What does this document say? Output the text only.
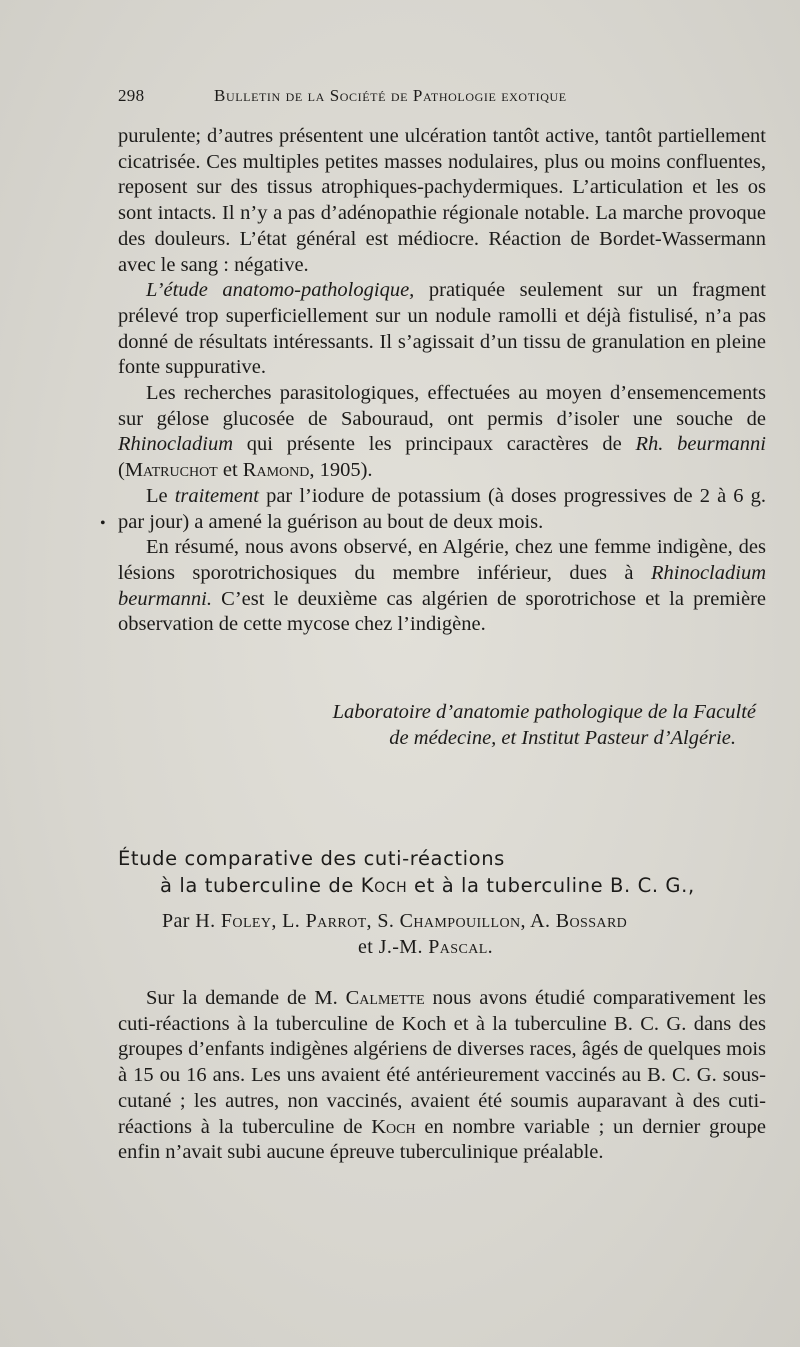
298	Bulletin de la Société de Pathologie exotique

purulente; d’autres présentent une ulcération tantôt active, tantôt partiellement cicatrisée. Ces multiples petites masses nodulaires, plus ou moins confluentes, reposent sur des tissus atrophiques-pachydermiques. L’articulation et les os sont intacts. Il n’y a pas d’adénopathie régionale notable. La marche provoque des douleurs. L’état général est médiocre. Réaction de Bordet-Wassermann avec le sang : négative.

L’étude anatomo-pathologique, pratiquée seulement sur un fragment prélevé trop superficiellement sur un nodule ramolli et déjà fistulisé, n’a pas donné de résultats intéressants. Il s’agissait d’un tissu de granulation en pleine fonte suppurative.

Les recherches parasitologiques, effectuées au moyen d’ensemencements sur gélose glucosée de Sabouraud, ont permis d’isoler une souche de Rhinocladium qui présente les principaux caractères de Rh. beurmanni (Matruchot et Ramond, 1905).

Le traitement par l’iodure de potassium (à doses progressives de 2 à 6 g. par jour) a amené la guérison au bout de deux mois.

En résumé, nous avons observé, en Algérie, chez une femme indigène, des lésions sporotrichosiques du membre inférieur, dues à Rhinocladium beurmanni. C’est le deuxième cas algérien de sporotrichose et la première observation de cette mycose chez l’indigène.

•
Laboratoire d’anatomie pathologique de la Faculté
de médecine, et Institut Pasteur d’Algérie.
Étude comparative des cuti-réactions
à la tuberculine de Koch et à la tuberculine B. C. G.,
Par H. Foley, L. Parrot, S. Champouillon, A. Bossard
et J.-M. Pascal.

Sur la demande de M. Calmette nous avons étudié comparativement les cuti-réactions à la tuberculine de Koch et à la tuberculine B. C. G. dans des groupes d’enfants indigènes algériens de diverses races, âgés de quelques mois à 15 ou 16 ans. Les uns avaient été antérieurement vaccinés au B. C. G. sous-cutané ; les autres, non vaccinés, avaient été soumis auparavant à des cuti-réactions à la tuberculine de Koch en nombre variable ; un dernier groupe enfin n’avait subi aucune épreuve tuberculinique préalable.
